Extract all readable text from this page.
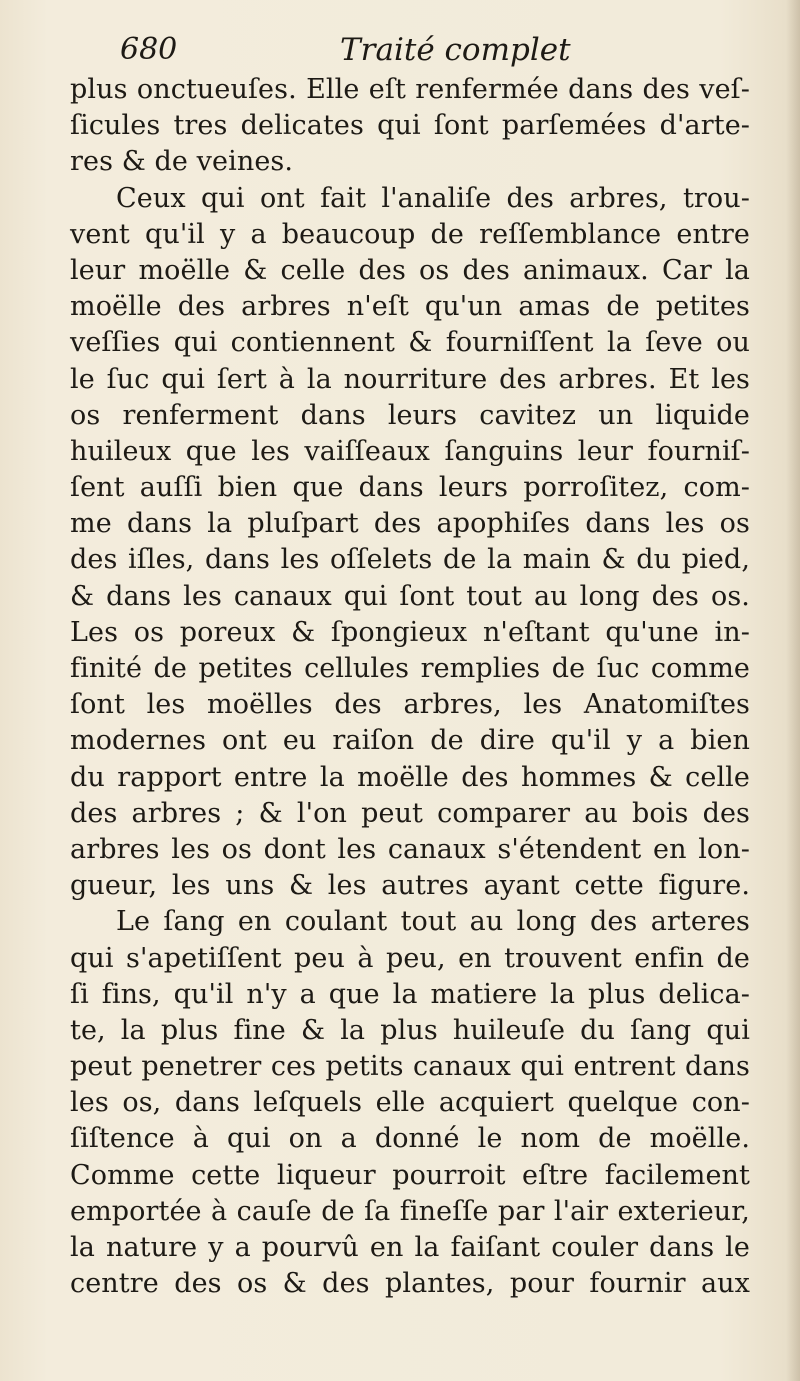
680	Traité complet
plus onctueuſes. Elle eſt renfermée dans des veſ-
ſicules tres delicates qui ſont parſemées d'arte-
res & de veines.
Ceux qui ont fait l'analiſe des arbres, trou-
vent qu'il y a beaucoup de reſſemblance entre
leur moëlle & celle des os des animaux. Car la
moëlle des arbres n'eſt qu'un amas de petites
veſſies qui contiennent & fourniſſent la ſeve ou
le ſuc qui ſert à la nourriture des arbres. Et les
os renferment dans leurs cavitez un liquide
huileux que les vaiſſeaux ſanguins leur fourniſ-
ſent auſſi bien que dans leurs porroſitez, com-
me dans la pluſpart des apophiſes dans les os
des iſles, dans les oſſelets de la main & du pied,
& dans les canaux qui ſont tout au long des os.
Les os poreux & ſpongieux n'eſtant qu'une in-
finité de petites cellules remplies de ſuc comme
ſont les moëlles des arbres, les Anatomiſtes
modernes ont eu raiſon de dire qu'il y a bien
du rapport entre la moëlle des hommes & celle
des arbres ; & l'on peut comparer au bois des
arbres les os dont les canaux s'étendent en lon-
gueur, les uns & les autres ayant cette figure.
Le ſang en coulant tout au long des arteres
qui s'apetiſſent peu à peu, en trouvent enfin de
ſi fins, qu'il n'y a que la matiere la plus delica-
te, la plus fine & la plus huileuſe du ſang qui
peut penetrer ces petits canaux qui entrent dans
les os, dans leſquels elle acquiert quelque con-
ſiſtence à qui on a donné le nom de moëlle.
Comme cette liqueur pourroit eſtre facilement
emportée à cauſe de ſa fineſſe par l'air exterieur,
la nature y a pourvû en la faiſant couler dans le
centre des os & des plantes, pour fournir aux
